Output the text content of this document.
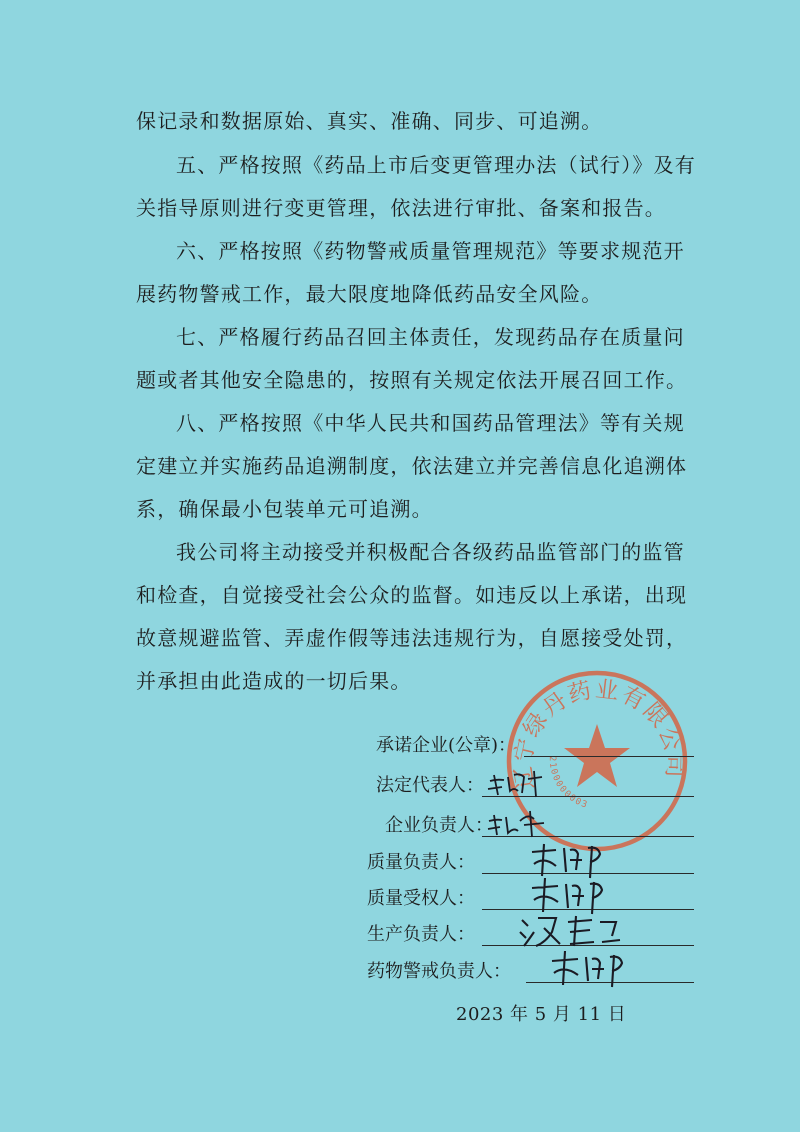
保记录和数据原始、真实、准确、同步、可追溯。

五、严格按照《药品上市后变更管理办法（试行）》及有关指导原则进行变更管理，依法进行审批、备案和报告。

六、严格按照《药物警戒质量管理规范》等要求规范开展药物警戒工作，最大限度地降低药品安全风险。

七、严格履行药品召回主体责任，发现药品存在质量问题或者其他安全隐患的，按照有关规定依法开展召回工作。

八、严格按照《中华人民共和国药品管理法》等有关规定建立并实施药品追溯制度，依法建立并完善信息化追溯体系，确保最小包装单元可追溯。

我公司将主动接受并积极配合各级药品监管部门的监管和检查，自觉接受社会公众的监督。如违反以上承诺，出现故意规避监管、弄虚作假等违法违规行为，自愿接受处罚，并承担由此造成的一切后果。

辽宁绿丹药业有限公司
2100000003
承诺企业(公章)：
法定代表人：
企业负责人：
质量负责人：
质量受权人：
生产负责人：
药物警戒负责人：
2023 年 5 月 11 日
